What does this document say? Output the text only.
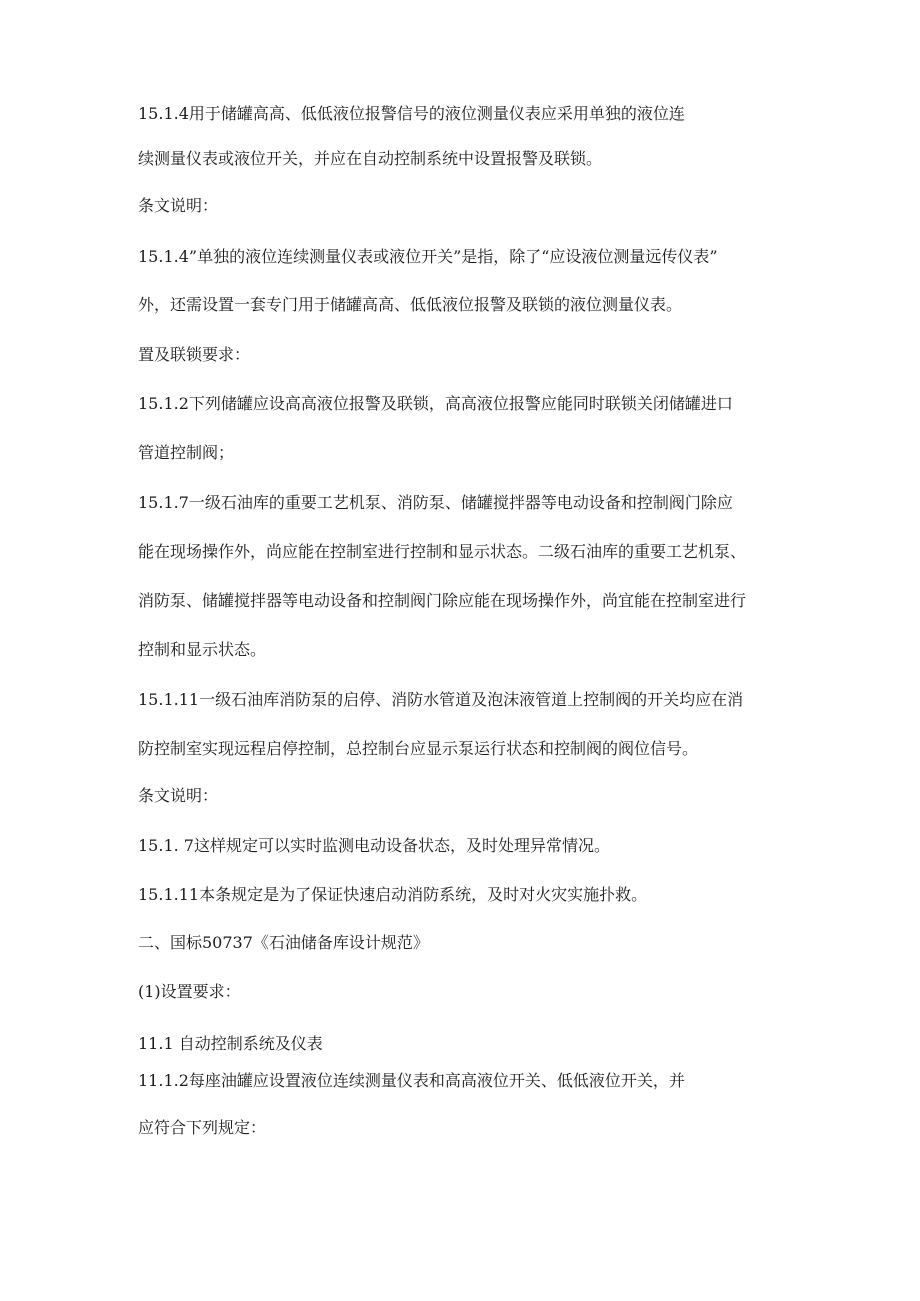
15.1.4用于储罐高高、低低液位报警信号的液位测量仪表应采用单独的液位连
续测量仪表或液位开关，并应在自动控制系统中设置报警及联锁。
条文说明：
15.1.4”单独的液位连续测量仪表或液位开关”是指，除了“应设液位测量远传仪表”
外，还需设置一套专门用于储罐高高、低低液位报警及联锁的液位测量仪表。
置及联锁要求：
15.1.2下列储罐应设高高液位报警及联锁，高高液位报警应能同时联锁关闭储罐进口
管道控制阀；
15.1.7一级石油库的重要工艺机泵、消防泵、储罐搅拌器等电动设备和控制阀门除应
能在现场操作外，尚应能在控制室进行控制和显示状态。二级石油库的重要工艺机泵、
消防泵、储罐搅拌器等电动设备和控制阀门除应能在现场操作外，尚宜能在控制室进行
控制和显示状态。
15.1.11一级石油库消防泵的启停、消防水管道及泡沫液管道上控制阀的开关均应在消
防控制室实现远程启停控制，总控制台应显示泵运行状态和控制阀的阀位信号。
条文说明：
15.1. 7这样规定可以实时监测电动设备状态，及时处理异常情况。
15.1.11本条规定是为了保证快速启动消防系统，及时对火灾实施扑救。
二、国标50737《石油储备库设计规范》
(1)设置要求：
11.1 自动控制系统及仪表
11.1.2每座油罐应设置液位连续测量仪表和高高液位开关、低低液位开关，并
应符合下列规定：
